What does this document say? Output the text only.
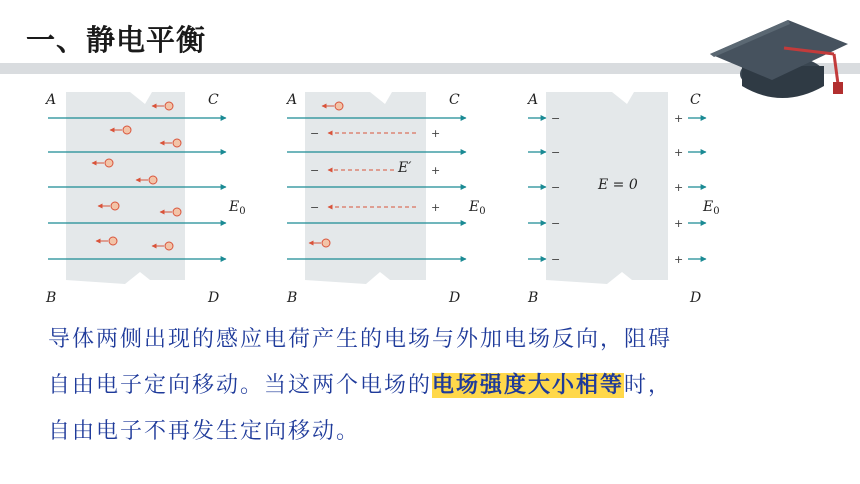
一、静电平衡
A	C
B	D
$E_0$
−
−
−
+
+
+
E′
A	C
B	D
$E_0$
−
−
−
−
−
+
+
+
+
+
E = 0
A	C
B	D
$E_0$
导体两侧出现的感应电荷产生的电场与外加电场反向，阻碍
自由电子定向移动。当这两个电场的电场强度大小相等时，
自由电子不再发生定向移动。
